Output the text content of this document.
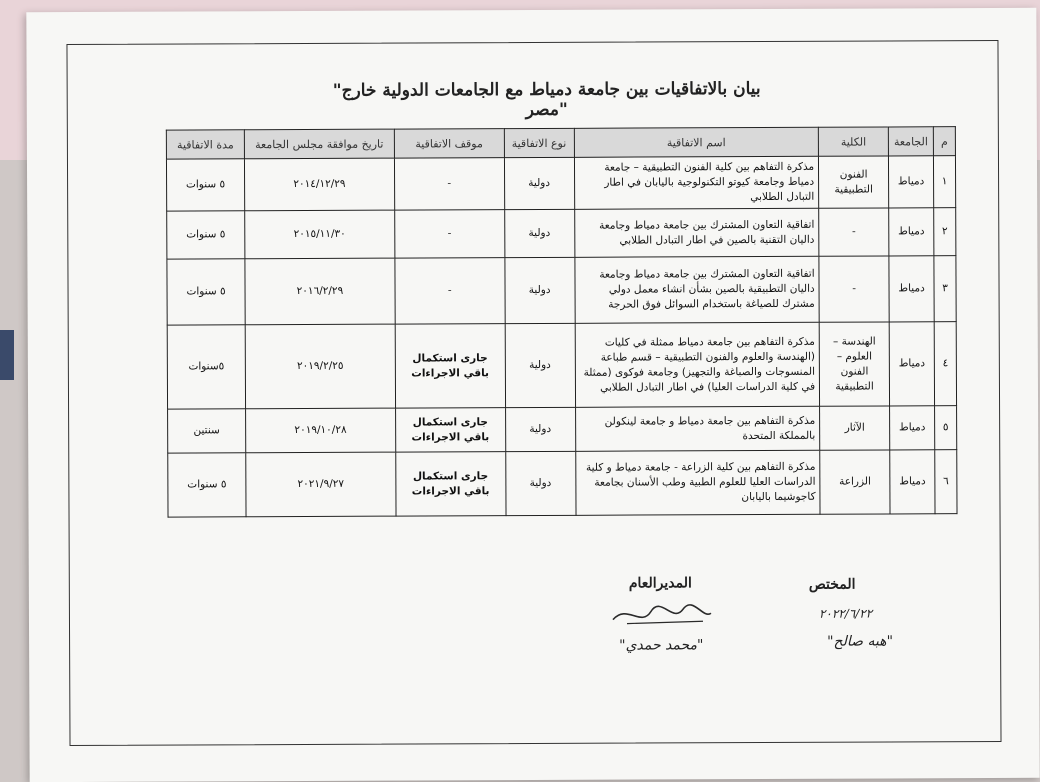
"بيان بالاتفاقيات بين جامعة دمياط مع الجامعات الدولية خارج مصر"
م	الجامعة	الكلية	اسم الاتفاقية	نوع الاتفاقية	موقف الاتفاقية	تاريخ موافقة مجلس الجامعة	مدة الاتفاقية
١	دمياط	الفنون التطبيقية	مذكرة التفاهم بين كلية الفنون التطبيقية – جامعة دمياط وجامعة كيوتو التكنولوجية باليابان في اطار التبادل الطلابي	دولية	-	٢٠١٤/١٢/٢٩	٥ سنوات
٢	دمياط	-	اتفاقية التعاون المشترك بين جامعة دمياط وجامعة داليان التقنية بالصين في اطار التبادل الطلابي	دولية	-	٢٠١٥/١١/٣٠	٥ سنوات
٣	دمياط	-	اتفاقية التعاون المشترك بين جامعة دمياط وجامعة داليان التطبيقية بالصين بشأن انشاء معمل دولي مشترك للصياغة باستخدام السوائل فوق الحرجة	دولية	-	٢٠١٦/٢/٢٩	٥ سنوات
٤	دمياط	الهندسة – العلوم – الفنون التطبيقية	مذكرة التفاهم بين جامعة دمياط ممثلة في كليات (الهندسة والعلوم والفنون التطبيقية – قسم طباعة المنسوجات والصباغة والتجهيز) وجامعة فوكوى (ممثلة في كلية الدراسات العليا) في اطار التبادل الطلابي	دولية	جارى استكمال باقي الاجراءات	٢٠١٩/٢/٢٥	٥سنوات
٥	دمياط	الآثار	مذكرة التفاهم بين جامعة دمياط و جامعة لينكولن بالمملكة المتحدة	دولية	جارى استكمال باقي الاجراءات	٢٠١٩/١٠/٢٨	سنتين
٦	دمياط	الزراعة	مذكرة التفاهم بين كلية الزراعة - جامعة دمياط و كلية الدراسات العليا للعلوم الطبية وطب الأسنان بجامعة كاجوشيما باليابان	دولية	جارى استكمال باقي الاجراءات	٢٠٢١/٩/٢٧	٥ سنوات
المختص
المديرالعام
٢٠٢٢/٦/٢٢
"هبه صالح"
"محمد حمدي"
